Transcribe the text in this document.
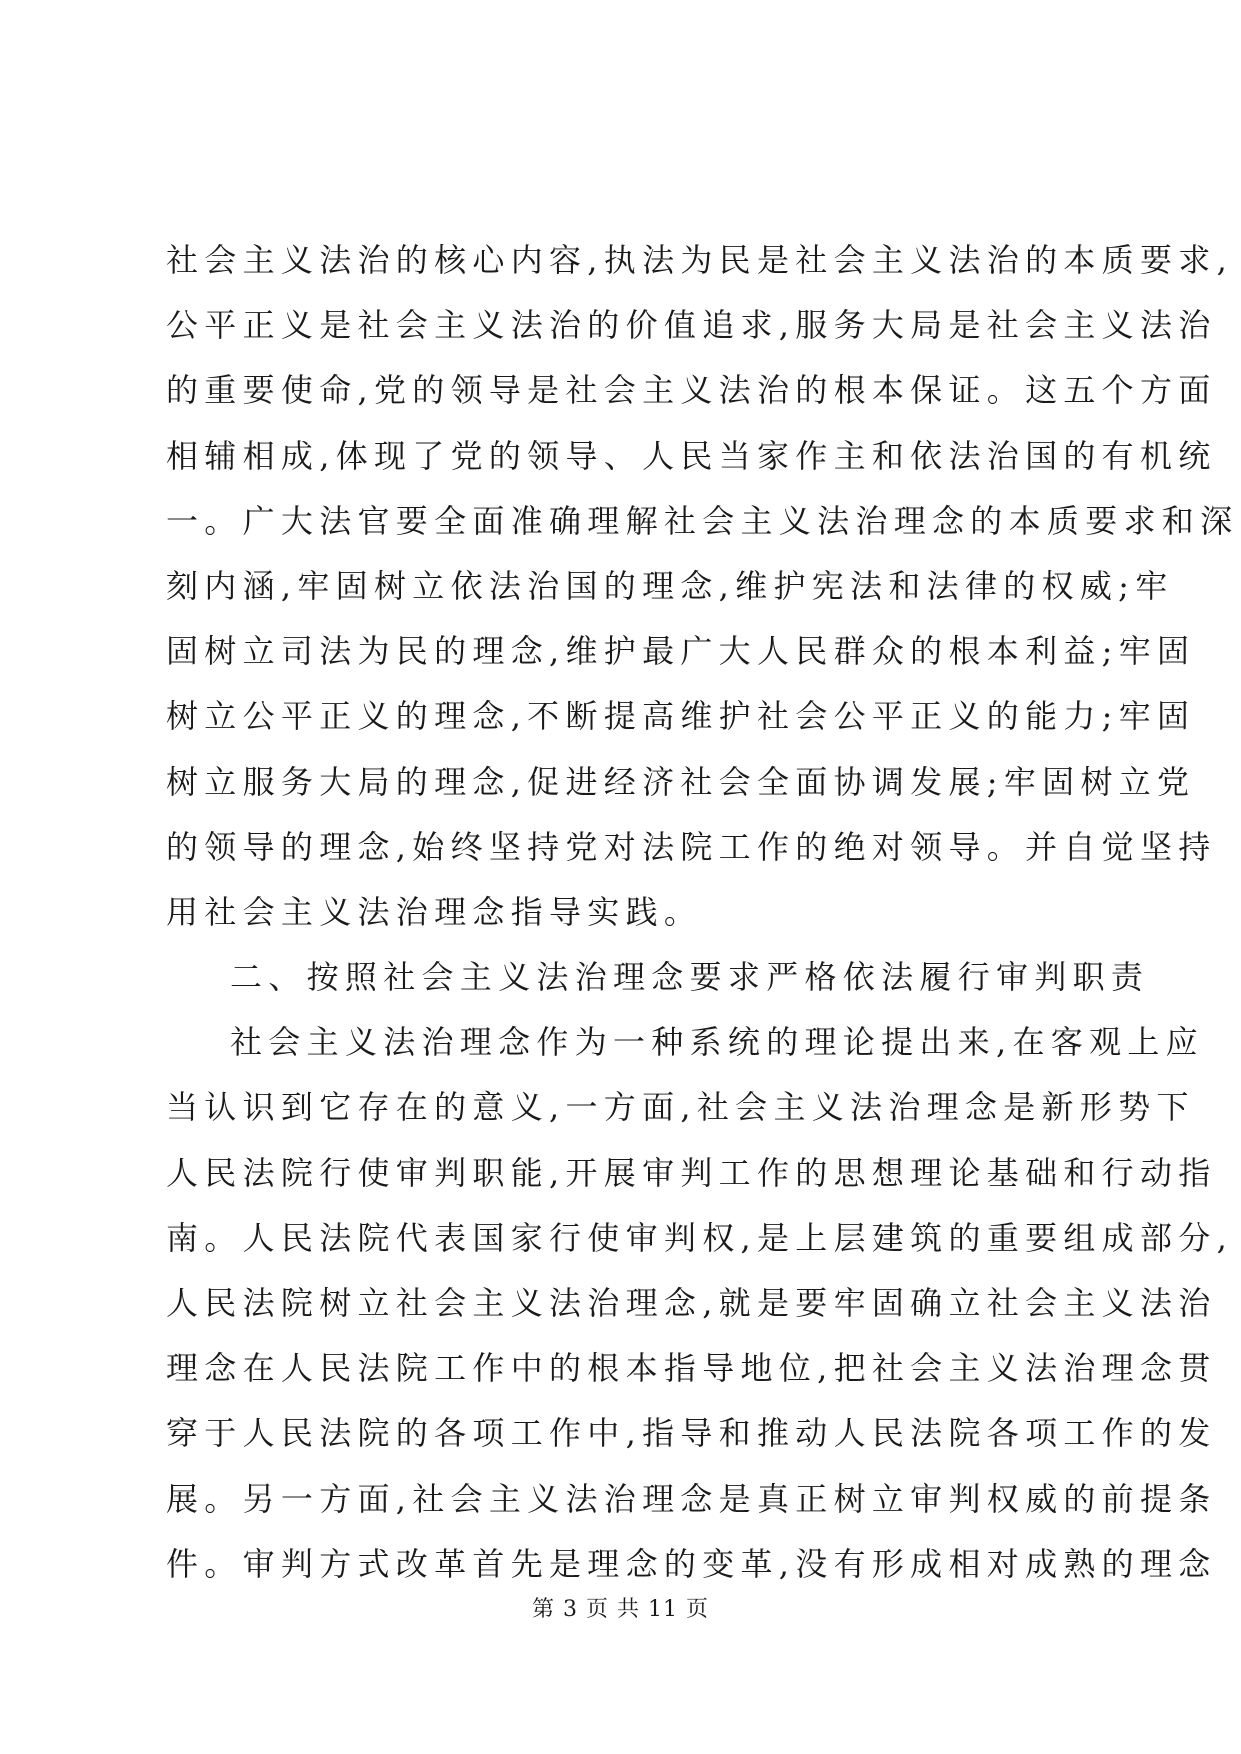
社会主义法治的核心内容,执法为民是社会主义法治的本质要求,
公平正义是社会主义法治的价值追求,服务大局是社会主义法治
的重要使命,党的领导是社会主义法治的根本保证。这五个方面
相辅相成,体现了党的领导、人民当家作主和依法治国的有机统
一。广大法官要全面准确理解社会主义法治理念的本质要求和深
刻内涵,牢固树立依法治国的理念,维护宪法和法律的权威;牢
固树立司法为民的理念,维护最广大人民群众的根本利益;牢固
树立公平正义的理念,不断提高维护社会公平正义的能力;牢固
树立服务大局的理念,促进经济社会全面协调发展;牢固树立党
的领导的理念,始终坚持党对法院工作的绝对领导。并自觉坚持
用社会主义法治理念指导实践。
二、按照社会主义法治理念要求严格依法履行审判职责
社会主义法治理念作为一种系统的理论提出来,在客观上应
当认识到它存在的意义,一方面,社会主义法治理念是新形势下
人民法院行使审判职能,开展审判工作的思想理论基础和行动指
南。人民法院代表国家行使审判权,是上层建筑的重要组成部分,
人民法院树立社会主义法治理念,就是要牢固确立社会主义法治
理念在人民法院工作中的根本指导地位,把社会主义法治理念贯
穿于人民法院的各项工作中,指导和推动人民法院各项工作的发
展。另一方面,社会主义法治理念是真正树立审判权威的前提条
件。审判方式改革首先是理念的变革,没有形成相对成熟的理念
第 3 页 共 11 页
